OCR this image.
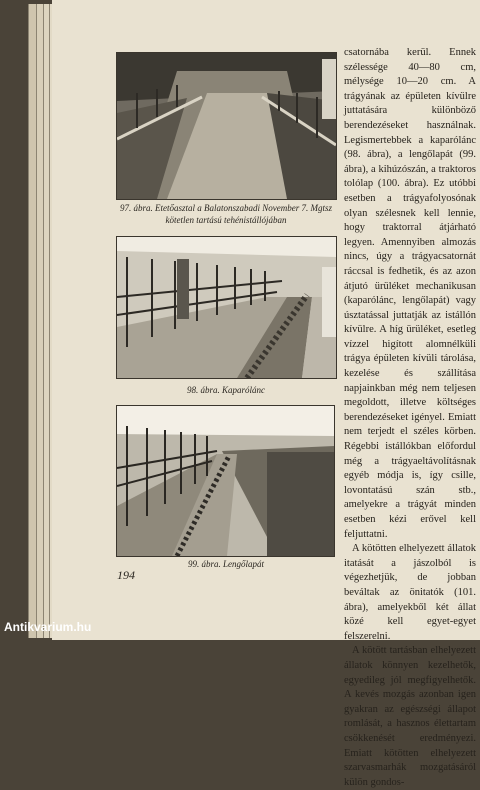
97. ábra. Etetőasztal a Balatonszabadi November 7. Mgtsz
kötetlen tartású tehénistállójában
98. ábra. Kaparólánc
99. ábra. Lengőlapát

csatornába kerül. Ennek szélessége 40—80 cm, mélysége 10—20 cm. A trágyának az épületen kívülre juttatására különböző berendezéseket használnak. Legismertebbek a kaparólánc (98. ábra), a lengőlapát (99. ábra), a kihúzószán, a traktoros tolólap (100. ábra). Ez utóbbi esetben a trágyafolyosónak olyan szélesnek kell lennie, hogy traktorral átjárható legyen. Amennyiben almozás nincs, úgy a trágyacsatornát ráccsal is fedhetik, és az azon átjutó ürüléket mechanikusan (kaparólánc, lengőlapát) vagy úsztatással juttatják az istállón kívülre. A híg ürüléket, esetleg vízzel higított alomnélküli trágya épületen kívüli tárolása, kezelése és szállítása napjainkban még nem teljesen megoldott, illetve költséges berendezéseket igényel. Emiatt nem terjedt el széles körben. Régebbi istállókban előfordul még a trágyaeltávolításnak egyéb módja is, így csille, lovontatású szán stb., amelyekre a trágyát minden esetben kézi erővel kell feljuttatni.

A kötötten elhelyezett állatok itatását a jászolból is végezhetjük, de jobban beváltak az önitatók (101. ábra), amelyekből két állat közé kell egyet-egyet felszerelni.

A kötött tartásban elhelyezett állatok könnyen kezelhetők, egyedileg jól megfigyelhetők. A kevés mozgás azonban igen gyakran az egészségi állapot romlását, a hasznos élettartam csökkenését eredményezi. Emiatt kötötten elhelyezett szarvasmarhák mozgatásáról külön gondos-

194
Antikvarium.hu
